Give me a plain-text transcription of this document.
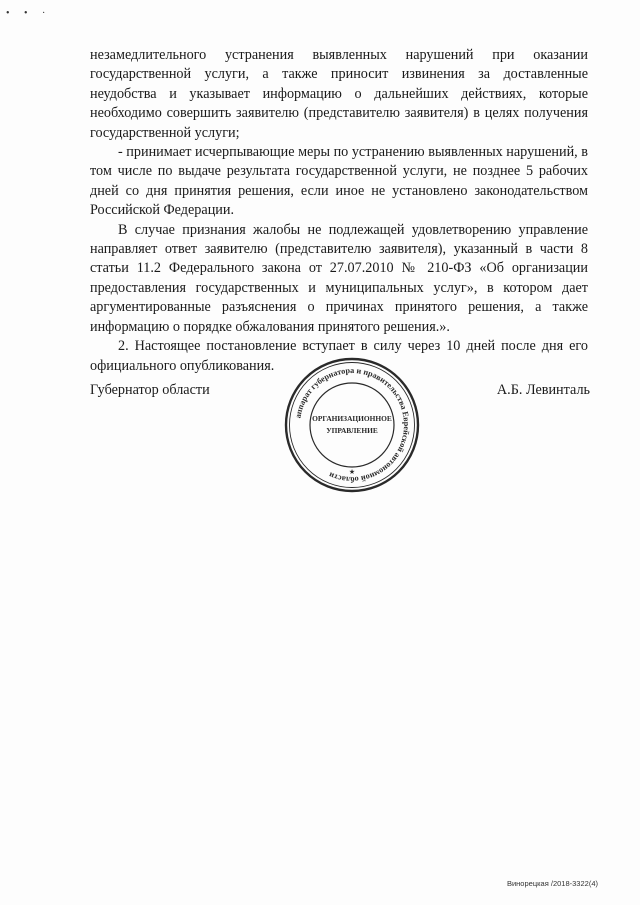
• • ·

незамедлительного устранения выявленных нарушений при оказании государственной услуги, а также приносит извинения за доставленные неудобства и указывает информацию о дальнейших действиях, которые необходимо совершить заявителю (представителю заявителя) в целях получения государственной услуги;

- принимает исчерпывающие меры по устранению выявленных нарушений, в том числе по выдаче результата государственной услуги, не позднее 5 рабочих дней со дня принятия решения, если иное не установлено законодательством Российской Федерации.

В случае признания жалобы не подлежащей удовлетворению управление направляет ответ заявителю (представителю заявителя), указанный в части 8 статьи 11.2 Федерального закона от 27.07.2010 № 210-ФЗ «Об организации предоставления государственных и муниципальных услуг», в котором дает аргументированные разъяснения о причинах принятого решения, а также информацию о порядке обжалования принятого решения.».

2. Настоящее постановление вступает в силу через 10 дней после дня его официального опубликования.

Губернатор области	А.Б. Левинталь
аппарат губернатора и правительства Еврейской автономной области
ОРГАНИЗАЦИОННОЕ
УПРАВЛЕНИЕ
★
Винорецкая /2018-3322(4)
